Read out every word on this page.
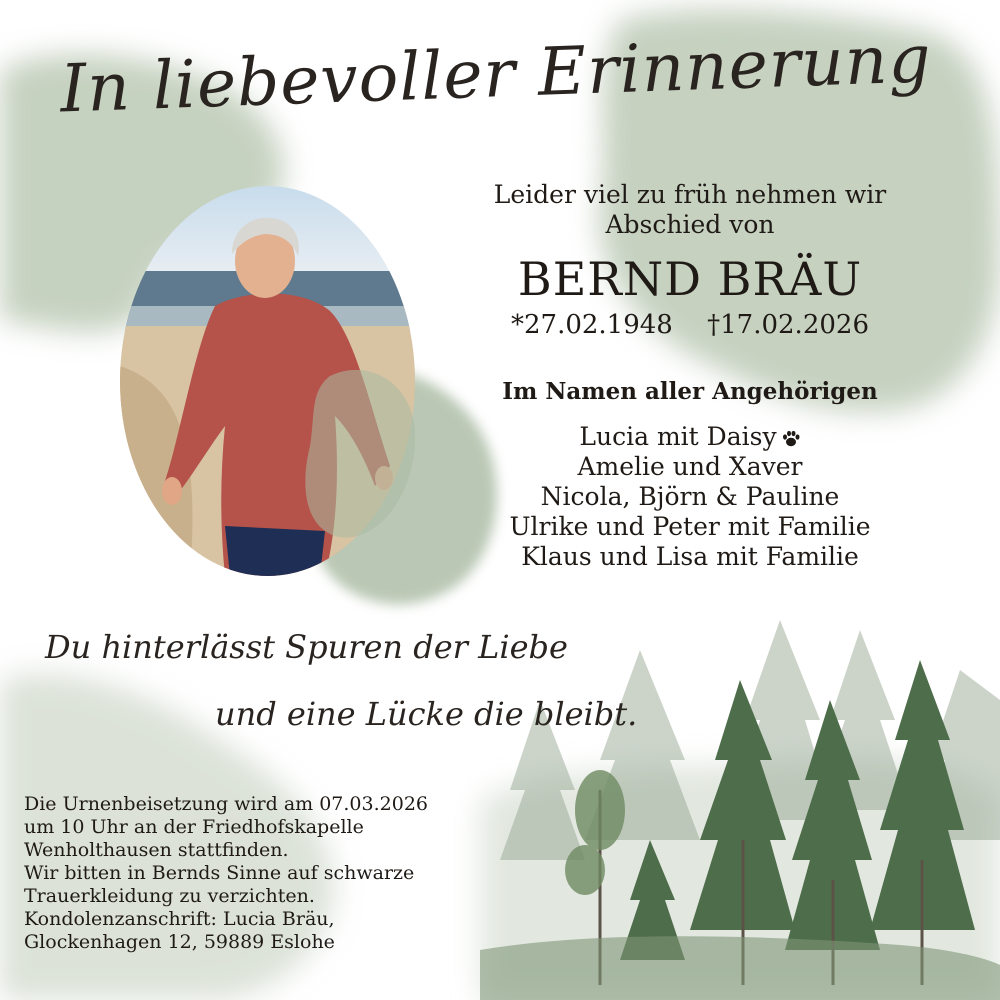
In liebevoller Erinnerung
Leider viel zu früh nehmen wir
Abschied von
BERND BRÄU
*27.02.1948 †17.02.2026
Im Namen aller Angehörigen
Lucia mit Daisy
Amelie und Xaver
Nicola, Björn & Pauline
Ulrike und Peter mit Familie
Klaus und Lisa mit Familie
Du hinterlässt Spuren der Liebe
und eine Lücke die bleibt.
Die Urnenbeisetzung wird am 07.03.2026
um 10 Uhr an der Friedhofskapelle
Wenholthausen stattfinden.
Wir bitten in Bernds Sinne auf schwarze
Trauerkleidung zu verzichten.
Kondolenzanschrift: Lucia Bräu,
Glockenhagen 12, 59889 Eslohe
